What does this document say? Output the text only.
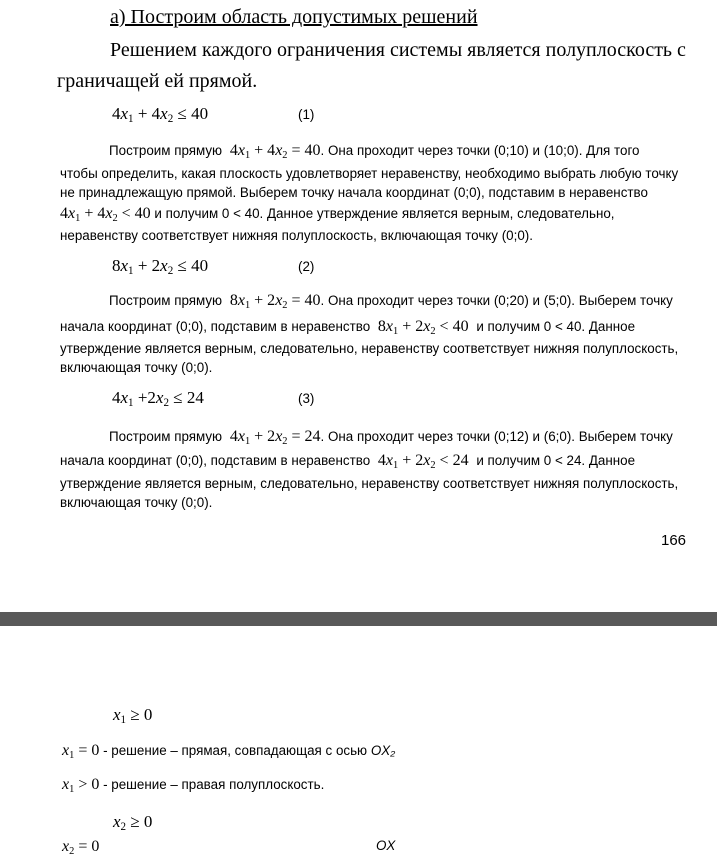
а) Построим область допустимых решений
Решением каждого ограничения системы является полуплоскость с
граничащей ей прямой.
$4x_1 + 4x_2 \le 40$	(1)
Построим прямую  $4x_1 + 4x_2 = 40$. Она проходит через точки (0;10) и (10;0). Для того
чтобы определить, какая плоскость удовлетворяет неравенству, необходимо выбрать любую точку
не принадлежащую прямой. Выберем точку начала координат (0;0), подставим в неравенство
$4x_1 + 4x_2 < 40$ и получим 0 < 40. Данное утверждение является верным, следовательно,
неравенству соответствует нижняя полуплоскость, включающая точку (0;0).
$8x_1 + 2x_2 \le 40$	(2)
Построим прямую  $8x_1 + 2x_2 = 40$. Она проходит через точки (0;20) и (5;0). Выберем точку
начала координат (0;0), подставим в неравенство  $8x_1 + 2x_2 < 40$  и получим 0 < 40. Данное
утверждение является верным, следовательно, неравенству соответствует нижняя полуплоскость,
включающая точку (0;0).
$4x_1 +2x_2 \le 24$	(3)
Построим прямую  $4x_1 + 2x_2 = 24$. Она проходит через точки (0;12) и (6;0). Выберем точку
начала координат (0;0), подставим в неравенство  $4x_1 + 2x_2 < 24$  и получим 0 < 24. Данное
утверждение является верным, следовательно, неравенству соответствует нижняя полуплоскость,
включающая точку (0;0).
166
$x_1 \ge 0$
$x_1 = 0$ - решение – прямая, совпадающая с осью OX₂
$x_1 > 0$ - решение – правая полуплоскость.
$x_2 \ge 0$
$x_2 = 0$	OX
